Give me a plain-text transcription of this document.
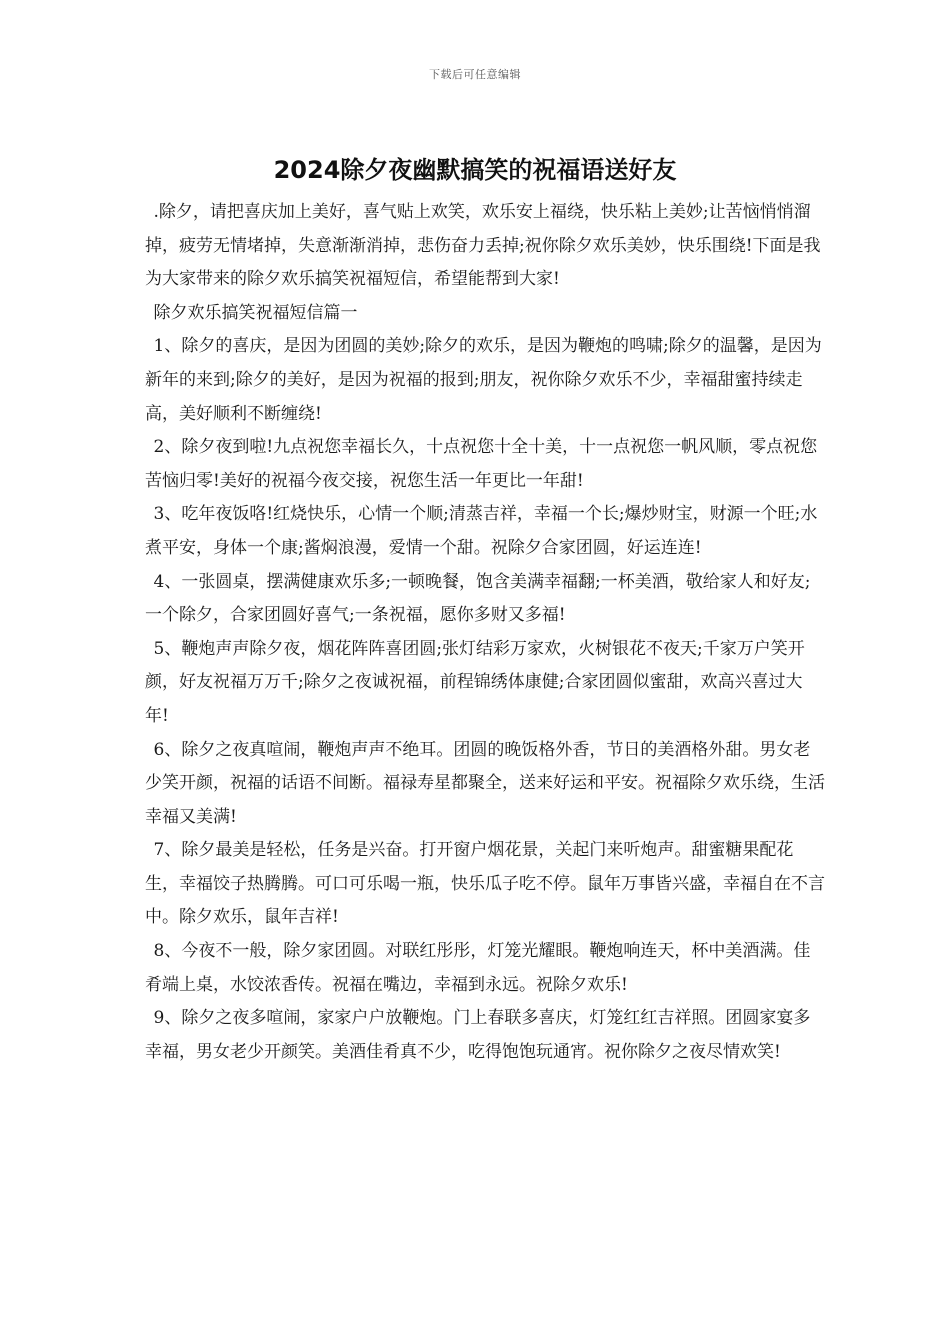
下载后可任意编辑
2024除夕夜幽默搞笑的祝福语送好友

.除夕，请把喜庆加上美好，喜气贴上欢笑，欢乐安上福绕，快乐粘上美妙;让苦恼悄悄溜掉，疲劳无情堵掉，失意渐渐消掉，悲伤奋力丢掉;祝你除夕欢乐美妙，快乐围绕!下面是我为大家带来的除夕欢乐搞笑祝福短信，希望能帮到大家!

除夕欢乐搞笑祝福短信篇一

1、除夕的喜庆，是因为团圆的美妙;除夕的欢乐，是因为鞭炮的鸣啸;除夕的温馨，是因为新年的来到;除夕的美好，是因为祝福的报到;朋友，祝你除夕欢乐不少，幸福甜蜜持续走高，美好顺利不断缠绕!

2、除夕夜到啦!九点祝您幸福长久，十点祝您十全十美，十一点祝您一帆风顺，零点祝您苦恼归零!美好的祝福今夜交接，祝您生活一年更比一年甜!

3、吃年夜饭咯!红烧快乐，心情一个顺;清蒸吉祥，幸福一个长;爆炒财宝，财源一个旺;水煮平安，身体一个康;酱焖浪漫，爱情一个甜。祝除夕合家团圆，好运连连!

4、一张圆桌，摆满健康欢乐多;一顿晚餐，饱含美满幸福翻;一杯美酒，敬给家人和好友;一个除夕，合家团圆好喜气;一条祝福，愿你多财又多福!

5、鞭炮声声除夕夜，烟花阵阵喜团圆;张灯结彩万家欢，火树银花不夜天;千家万户笑开颜，好友祝福万万千;除夕之夜诚祝福，前程锦绣体康健;合家团圆似蜜甜，欢高兴喜过大年!

6、除夕之夜真喧闹，鞭炮声声不绝耳。团圆的晚饭格外香，节日的美酒格外甜。男女老少笑开颜，祝福的话语不间断。福禄寿星都聚全，送来好运和平安。祝福除夕欢乐绕，生活幸福又美满!

7、除夕最美是轻松，任务是兴奋。打开窗户烟花景，关起门来听炮声。甜蜜糖果配花生，幸福饺子热腾腾。可口可乐喝一瓶，快乐瓜子吃不停。鼠年万事皆兴盛，幸福自在不言中。除夕欢乐，鼠年吉祥!

8、今夜不一般，除夕家团圆。对联红彤彤，灯笼光耀眼。鞭炮响连天，杯中美酒满。佳肴端上桌，水饺浓香传。祝福在嘴边，幸福到永远。祝除夕欢乐!

9、除夕之夜多喧闹，家家户户放鞭炮。门上春联多喜庆，灯笼红红吉祥照。团圆家宴多幸福，男女老少开颜笑。美酒佳肴真不少，吃得饱饱玩通宵。祝你除夕之夜尽情欢笑!
